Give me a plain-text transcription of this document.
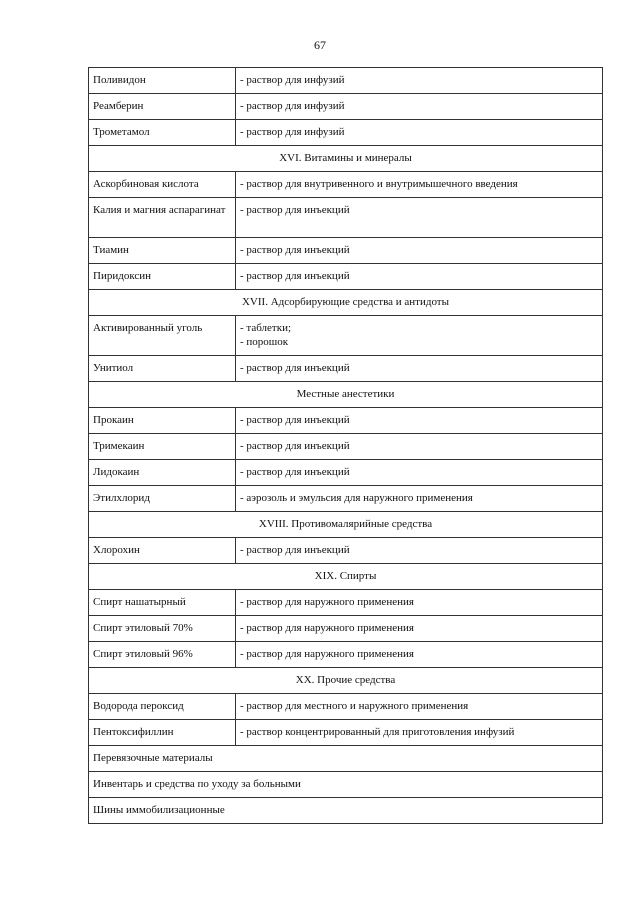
67
Поливидон	- раствор для инфузий
Реамберин	- раствор для инфузий
Трометамол	- раствор для инфузий
XVI. Витамины и минералы	
Аскорбиновая кислота	- раствор для внутривенного и внутримышечного введения
Калия и магния аспарагинат	- раствор для инъекций
Тиамин	- раствор для инъекций
Пиридоксин	- раствор для инъекций
XVII. Адсорбирующие средства и антидоты	
Активированный уголь	- таблетки;
- порошок
Унитиол	- раствор для инъекций
Местные анестетики	
Прокаин	- раствор для инъекций
Тримекаин	- раствор для инъекций
Лидокаин	- раствор для инъекций
Этилхлорид	- аэрозоль и эмульсия для наружного применения
XVIII. Противомалярийные средства	
Хлорохин	- раствор для инъекций
XIX. Спирты	
Спирт нашатырный	- раствор для наружного применения
Спирт этиловый 70%	- раствор для наружного применения
Спирт этиловый 96%	- раствор для наружного применения
XX. Прочие средства	
Водорода пероксид	- раствор для местного и наружного применения
Пентоксифиллин	- раствор концентрированный для приготовления инфузий
Перевязочные материалы	
Инвентарь и средства по уходу за больными	
Шины иммобилизационные	
